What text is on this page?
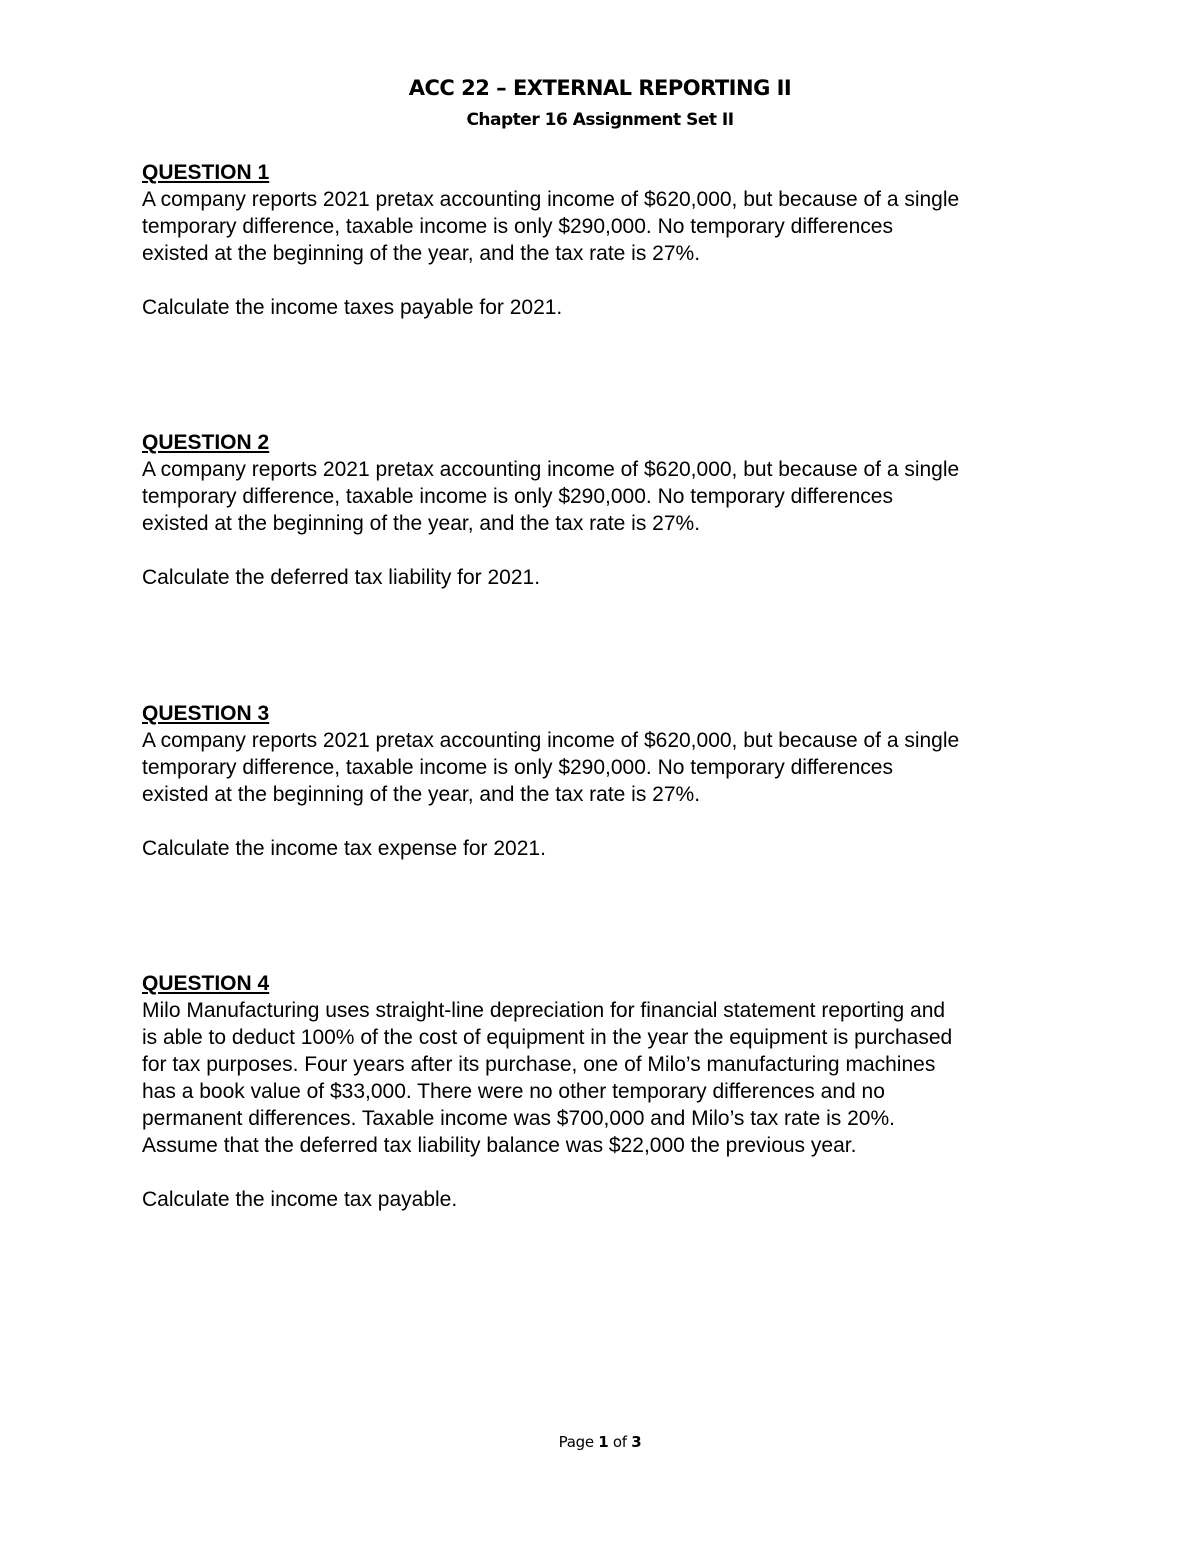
ACC 22 – EXTERNAL REPORTING II
Chapter 16 Assignment Set II

QUESTION 1

A company reports 2021 pretax accounting income of $620,000, but because of a single
temporary difference, taxable income is only $290,000. No temporary differences
existed at the beginning of the year, and the tax rate is 27%.

Calculate the income taxes payable for 2021.

QUESTION 2

A company reports 2021 pretax accounting income of $620,000, but because of a single
temporary difference, taxable income is only $290,000. No temporary differences
existed at the beginning of the year, and the tax rate is 27%.

Calculate the deferred tax liability for 2021.

QUESTION 3

A company reports 2021 pretax accounting income of $620,000, but because of a single
temporary difference, taxable income is only $290,000. No temporary differences
existed at the beginning of the year, and the tax rate is 27%.

Calculate the income tax expense for 2021.

QUESTION 4

Milo Manufacturing uses straight-line depreciation for financial statement reporting and
is able to deduct 100% of the cost of equipment in the year the equipment is purchased
for tax purposes. Four years after its purchase, one of Milo’s manufacturing machines
has a book value of $33,000. There were no other temporary differences and no
permanent differences. Taxable income was $700,000 and Milo’s tax rate is 20%.
Assume that the deferred tax liability balance was $22,000 the previous year.

Calculate the income tax payable.

Page 1 of 3
